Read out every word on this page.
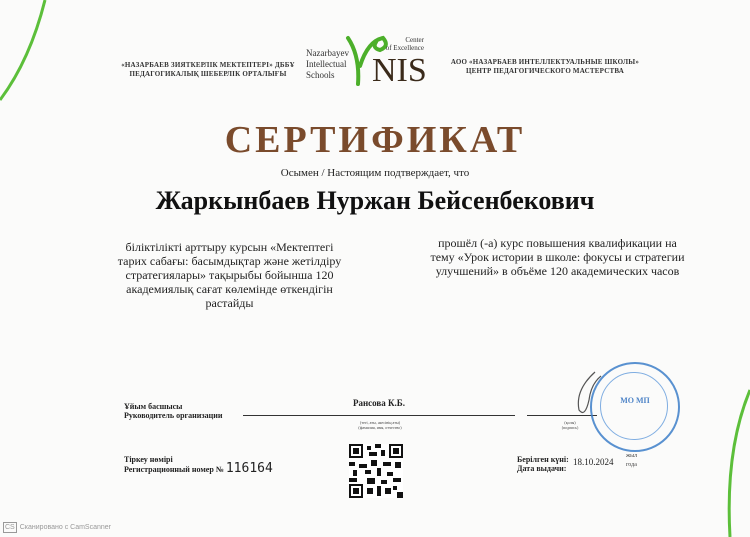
«НАЗАРБАЕВ ЗИЯТКЕРЛІК МЕКТЕПТЕРІ» ДББҰ
ПЕДАГОГИКАЛЫҚ ШЕБЕРЛІК ОРТАЛЫҒЫ
АОО «НАЗАРБАЕВ ИНТЕЛЛЕКТУАЛЬНЫЕ ШКОЛЫ»
ЦЕНТР ПЕДАГОГИЧЕСКОГО МАСТЕРСТВА
Nazarbayev
Intellectual
Schools
Center
of Excellence
NIS
СЕРТИФИКАТ
Осымен / Настоящим подтверждает, что
Жаркынбаев Нуржан Бейсенбекович
біліктілікті арттыру курсын «Мектептегі тарих сабағы: басымдықтар және жетілдіру стратегиялары» тақырыбы бойынша 120 академиялық сағат көлемінде өткендігін растайды
прошёл (-а) курс повышения квалификации на тему «Урок истории в школе: фокусы и стратегии улучшений» в объёме 120 академических часов
Ұйым басшысы
Руководитель организации
Рансова К.Б.
(тегі, аты, әкесінің аты)
(фамилия, имя, отчество)
(қолы)
(подпись)
МО МП
Тіркеу нөмірі
Регистрационный номер № 116164
Берілген күні:
Дата выдачи:
18.10.2024
жыл
года
CS Сканировано с CamScanner
